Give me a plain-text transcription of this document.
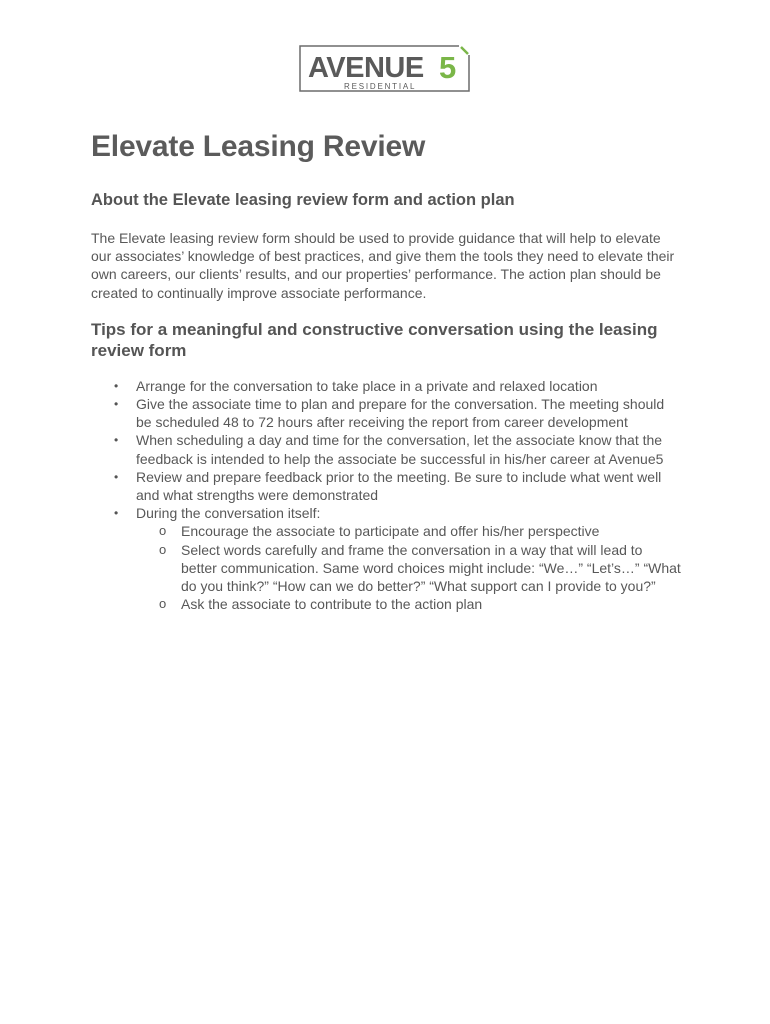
AVENUE 5
RESIDENTIAL
Elevate Leasing Review
About the Elevate leasing review form and action plan

The Elevate leasing review form should be used to provide guidance that will help to elevate our associates’ knowledge of best practices, and give them the tools they need to elevate their own careers, our clients’ results, and our properties’ performance. The action plan should be created to continually improve associate performance.

Tips for a meaningful and constructive conversation using the leasing review form
• Arrange for the conversation to take place in a private and relaxed location
• Give the associate time to plan and prepare for the conversation. The meeting should be scheduled 48 to 72 hours after receiving the report from career development
• When scheduling a day and time for the conversation, let the associate know that the feedback is intended to help the associate be successful in his/her career at Avenue5
• Review and prepare feedback prior to the meeting. Be sure to include what went well and what strengths were demonstrated
• During the conversation itself:
o Encourage the associate to participate and offer his/her perspective
o Select words carefully and frame the conversation in a way that will lead to better communication. Same word choices might include: “We…” “Let’s…” “What do you think?” “How can we do better?” “What support can I provide to you?”
o Ask the associate to contribute to the action plan
